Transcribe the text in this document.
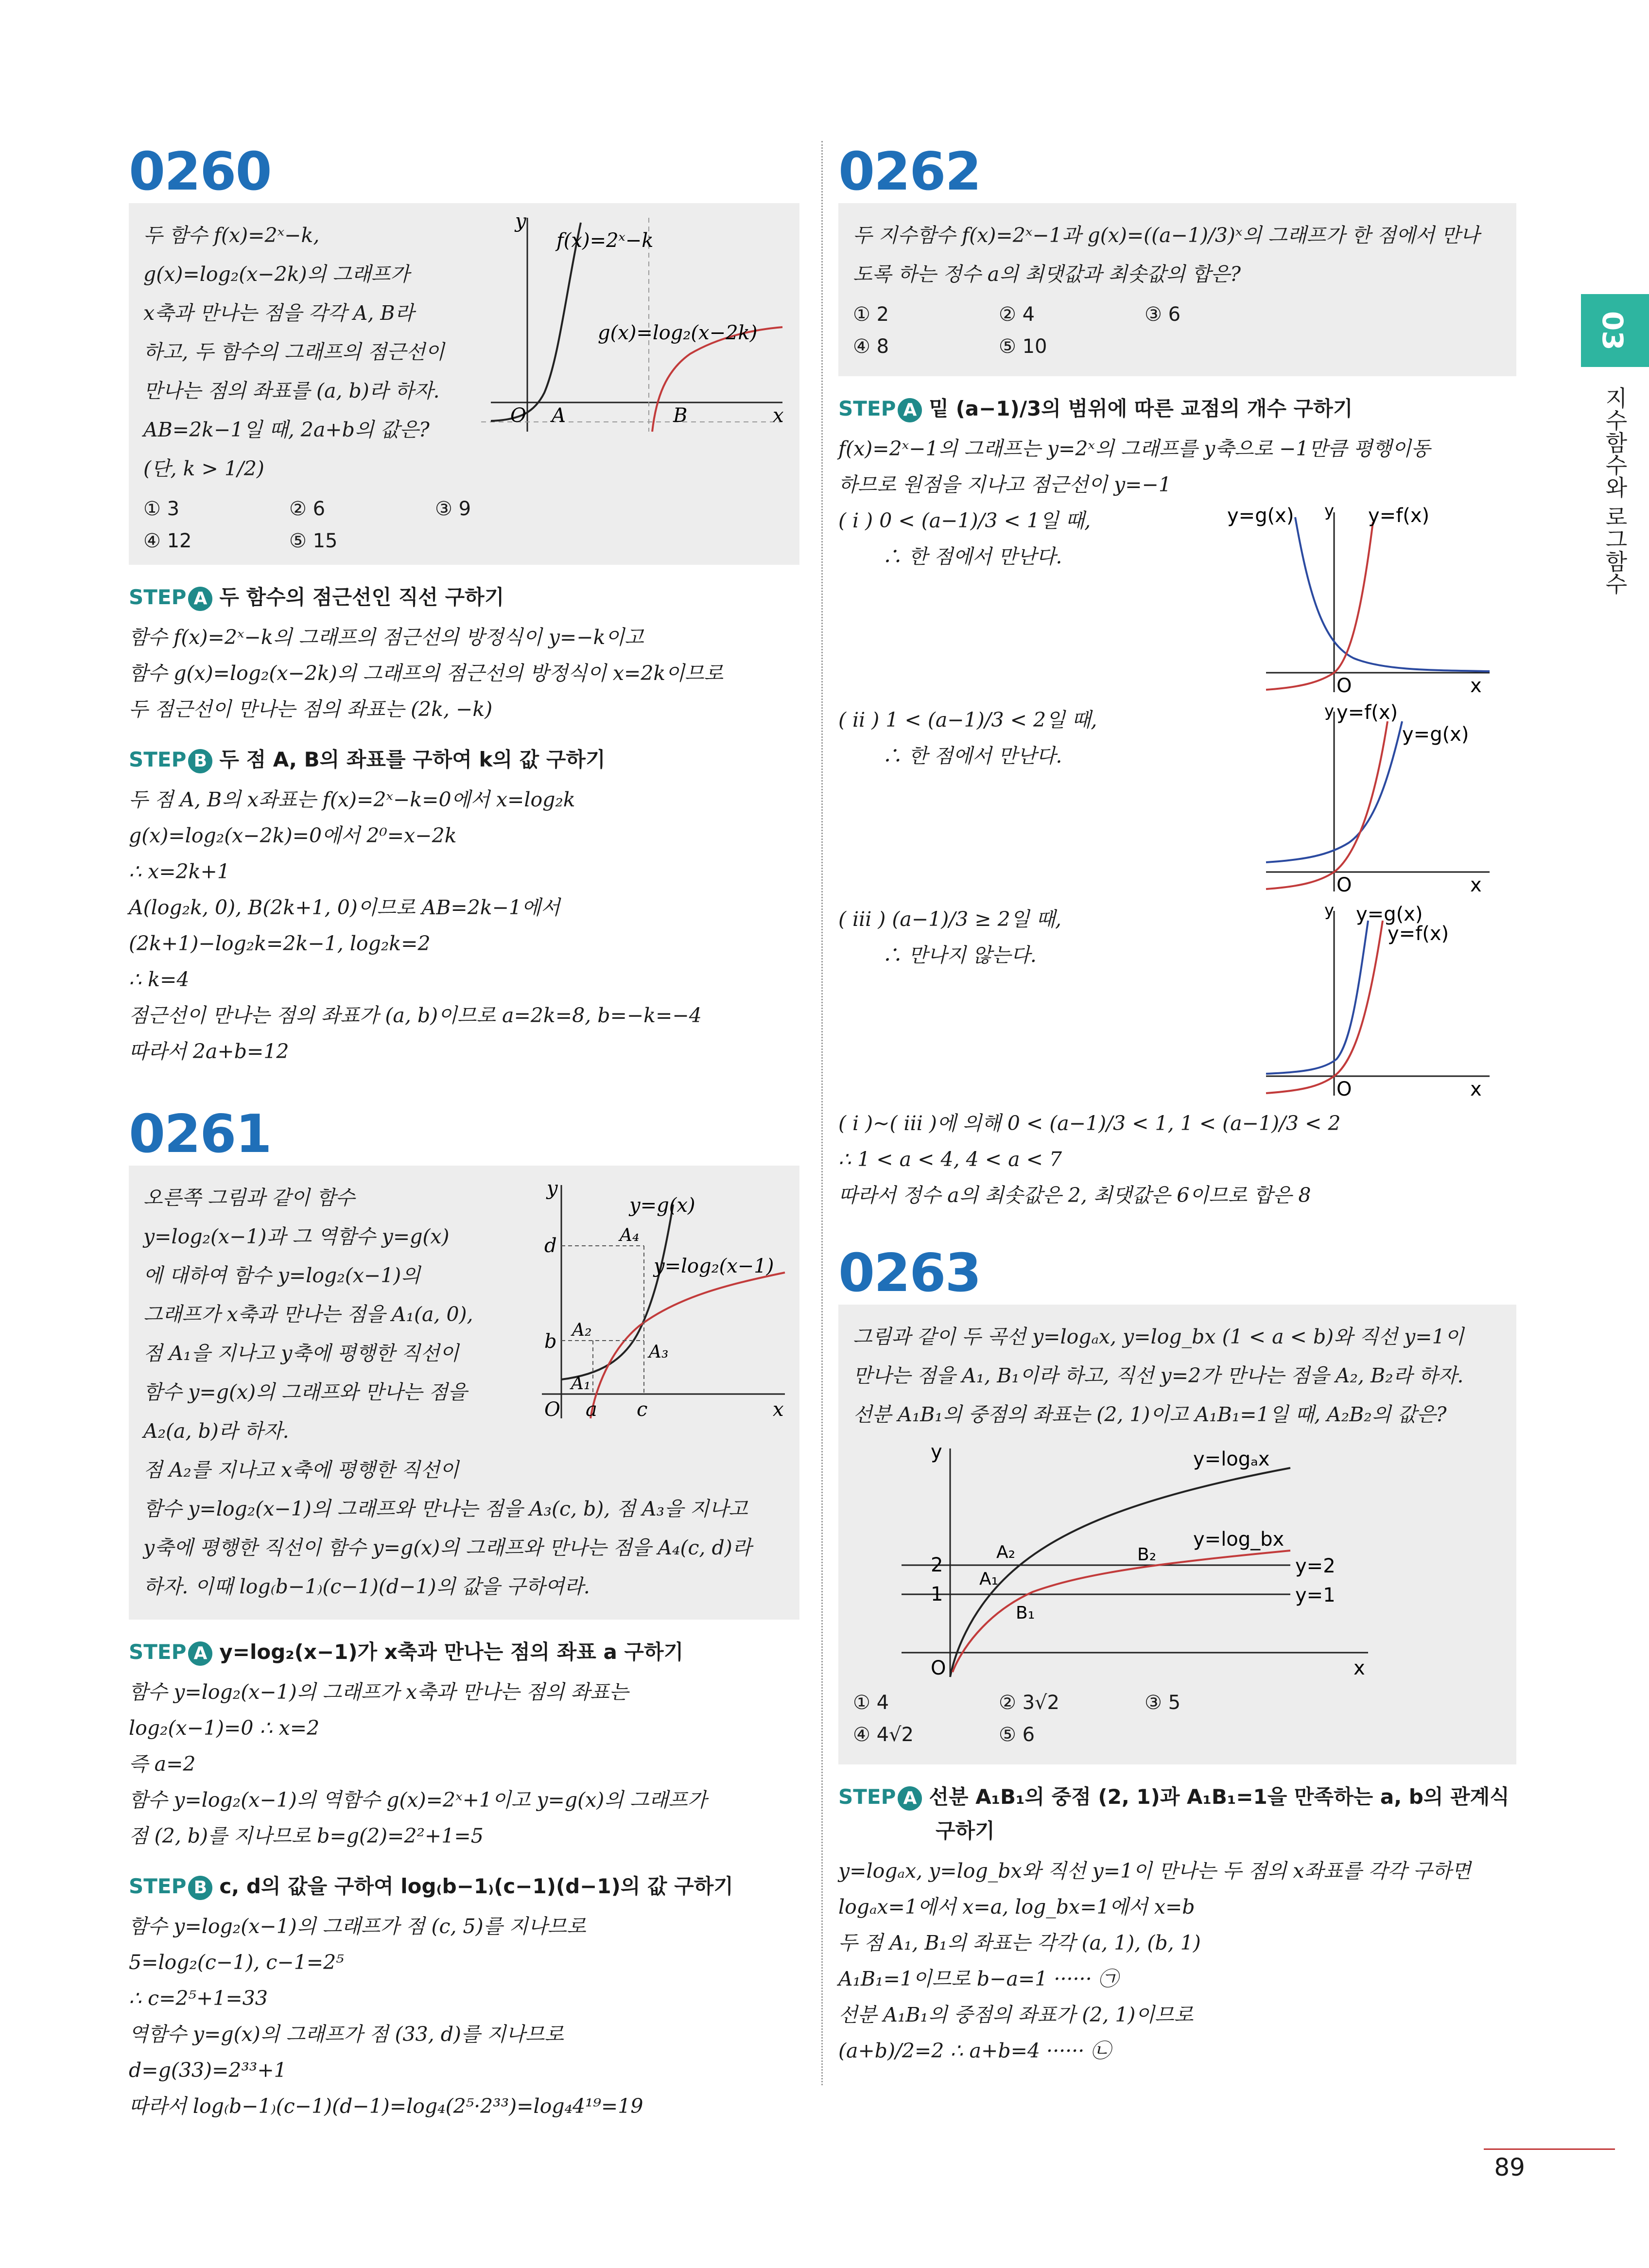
03
지수함수와 로그함수
0260

두 함수 f(x)=2ˣ−k,

g(x)=log₂(x−2k)의 그래프가

x축과 만나는 점을 각각 A, B라

하고, 두 함수의 그래프의 점근선이

만나는 점의 좌표를 (a, b)라 하자.

AB=2k−1일 때, 2a+b의 값은?

(단, k > 1/2)

y
x
O A	B
f(x)=2ˣ−k
g(x)=log₂(x−2k)
① 3	② 6	③ 9
④ 12	⑤ 15
STEP A 두 함수의 점근선인 직선 구하기

함수 f(x)=2ˣ−k의 그래프의 점근선의 방정식이 y=−k이고

함수 g(x)=log₂(x−2k)의 그래프의 점근선의 방정식이 x=2k이므로

두 점근선이 만나는 점의 좌표는 (2k, −k)

STEP B 두 점 A, B의 좌표를 구하여 k의 값 구하기

두 점 A, B의 x좌표는 f(x)=2ˣ−k=0에서 x=log₂k

g(x)=log₂(x−2k)=0에서 2⁰=x−2k

∴ x=2k+1

A(log₂k, 0), B(2k+1, 0)이므로 AB=2k−1에서

(2k+1)−log₂k=2k−1, log₂k=2

∴ k=4

점근선이 만나는 점의 좌표가 (a, b)이므로 a=2k=8, b=−k=−4

따라서 2a+b=12

0261

오른쪽 그림과 같이 함수

y=log₂(x−1)과 그 역함수 y=g(x)

에 대하여 함수 y=log₂(x−1)의

그래프가 x축과 만나는 점을 A₁(a, 0),

점 A₁을 지나고 y축에 평행한 직선이

함수 y=g(x)의 그래프와 만나는 점을

A₂(a, b)라 하자.

점 A₂를 지나고 x축에 평행한 직선이

함수 y=log₂(x−1)의 그래프와 만나는 점을 A₃(c, b), 점 A₃을 지나고

y축에 평행한 직선이 함수 y=g(x)의 그래프와 만나는 점을 A₄(c, d)라

하자. 이때 log₍b−1₎(c−1)(d−1)의 값을 구하여라.

y
x
O
d
b
a c
A₁
A₂
A₃
A₄
y=g(x)
y=log₂(x−1)
STEP A y=log₂(x−1)가 x축과 만나는 점의 좌표 a 구하기

함수 y=log₂(x−1)의 그래프가 x축과 만나는 점의 좌표는

log₂(x−1)=0 ∴ x=2

즉 a=2

함수 y=log₂(x−1)의 역함수 g(x)=2ˣ+1이고 y=g(x)의 그래프가

점 (2, b)를 지나므로 b=g(2)=2²+1=5

STEP B c, d의 값을 구하여 log₍b−1₎(c−1)(d−1)의 값 구하기

함수 y=log₂(x−1)의 그래프가 점 (c, 5)를 지나므로

5=log₂(c−1), c−1=2⁵

∴ c=2⁵+1=33

역함수 y=g(x)의 그래프가 점 (33, d)를 지나므로

d=g(33)=2³³+1

따라서 log₍b−1₎(c−1)(d−1)=log₄(2⁵·2³³)=log₄4¹⁹=19

0262

두 지수함수 f(x)=2ˣ−1과 g(x)=((a−1)/3)ˣ의 그래프가 한 점에서 만나

도록 하는 정수 a의 최댓값과 최솟값의 합은?

① 2	② 4	③ 6
④ 8	⑤ 10
STEP A 밑 (a−1)/3의 범위에 따른 교점의 개수 구하기

f(x)=2ˣ−1의 그래프는 y=2ˣ의 그래프를 y축으로 −1만큼 평행이동

하므로 원점을 지나고 점근선이 y=−1

( i ) 0 < (a−1)/3 < 1일 때,

∴ 한 점에서 만난다.

y=g(x)	y=f(x)
y
O	x

( ii ) 1 < (a−1)/3 < 2일 때,

∴ 한 점에서 만난다.

y=f(x)
y=g(x)
y
O	x

( iii ) (a−1)/3 ≥ 2일 때,

∴ 만나지 않는다.

y=g(x)
y=f(x)
y
O	x

( i )~( iii )에 의해 0 < (a−1)/3 < 1, 1 < (a−1)/3 < 2

∴ 1 < a < 4, 4 < a < 7

따라서 정수 a의 최솟값은 2, 최댓값은 6이므로 합은 8

0263

그림과 같이 두 곡선 y=logₐx, y=log_bx (1 < a < b)와 직선 y=1이

만나는 점을 A₁, B₁이라 하고, 직선 y=2가 만나는 점을 A₂, B₂라 하자.

선분 A₁B₁의 중점의 좌표는 (2, 1)이고 A₁B₁=1일 때, A₂B₂의 값은?

y
x
O
2
1
A₁
A₂
B₁
B₂
y=logₐx
y=log_bx
y=2
y=1
① 4	② 3√2	③ 5
④ 4√2	⑤ 6
STEP A 선분 A₁B₁의 중점 (2, 1)과 A₁B₁=1을 만족하는 a, b의 관계식
구하기

y=logₐx, y=log_bx와 직선 y=1이 만나는 두 점의 x좌표를 각각 구하면

logₐx=1에서 x=a, log_bx=1에서 x=b

두 점 A₁, B₁의 좌표는 각각 (a, 1), (b, 1)

A₁B₁=1이므로 b−a=1 ······ ㉠

선분 A₁B₁의 중점의 좌표가 (2, 1)이므로

(a+b)/2=2 ∴ a+b=4 ······ ㉡

89
